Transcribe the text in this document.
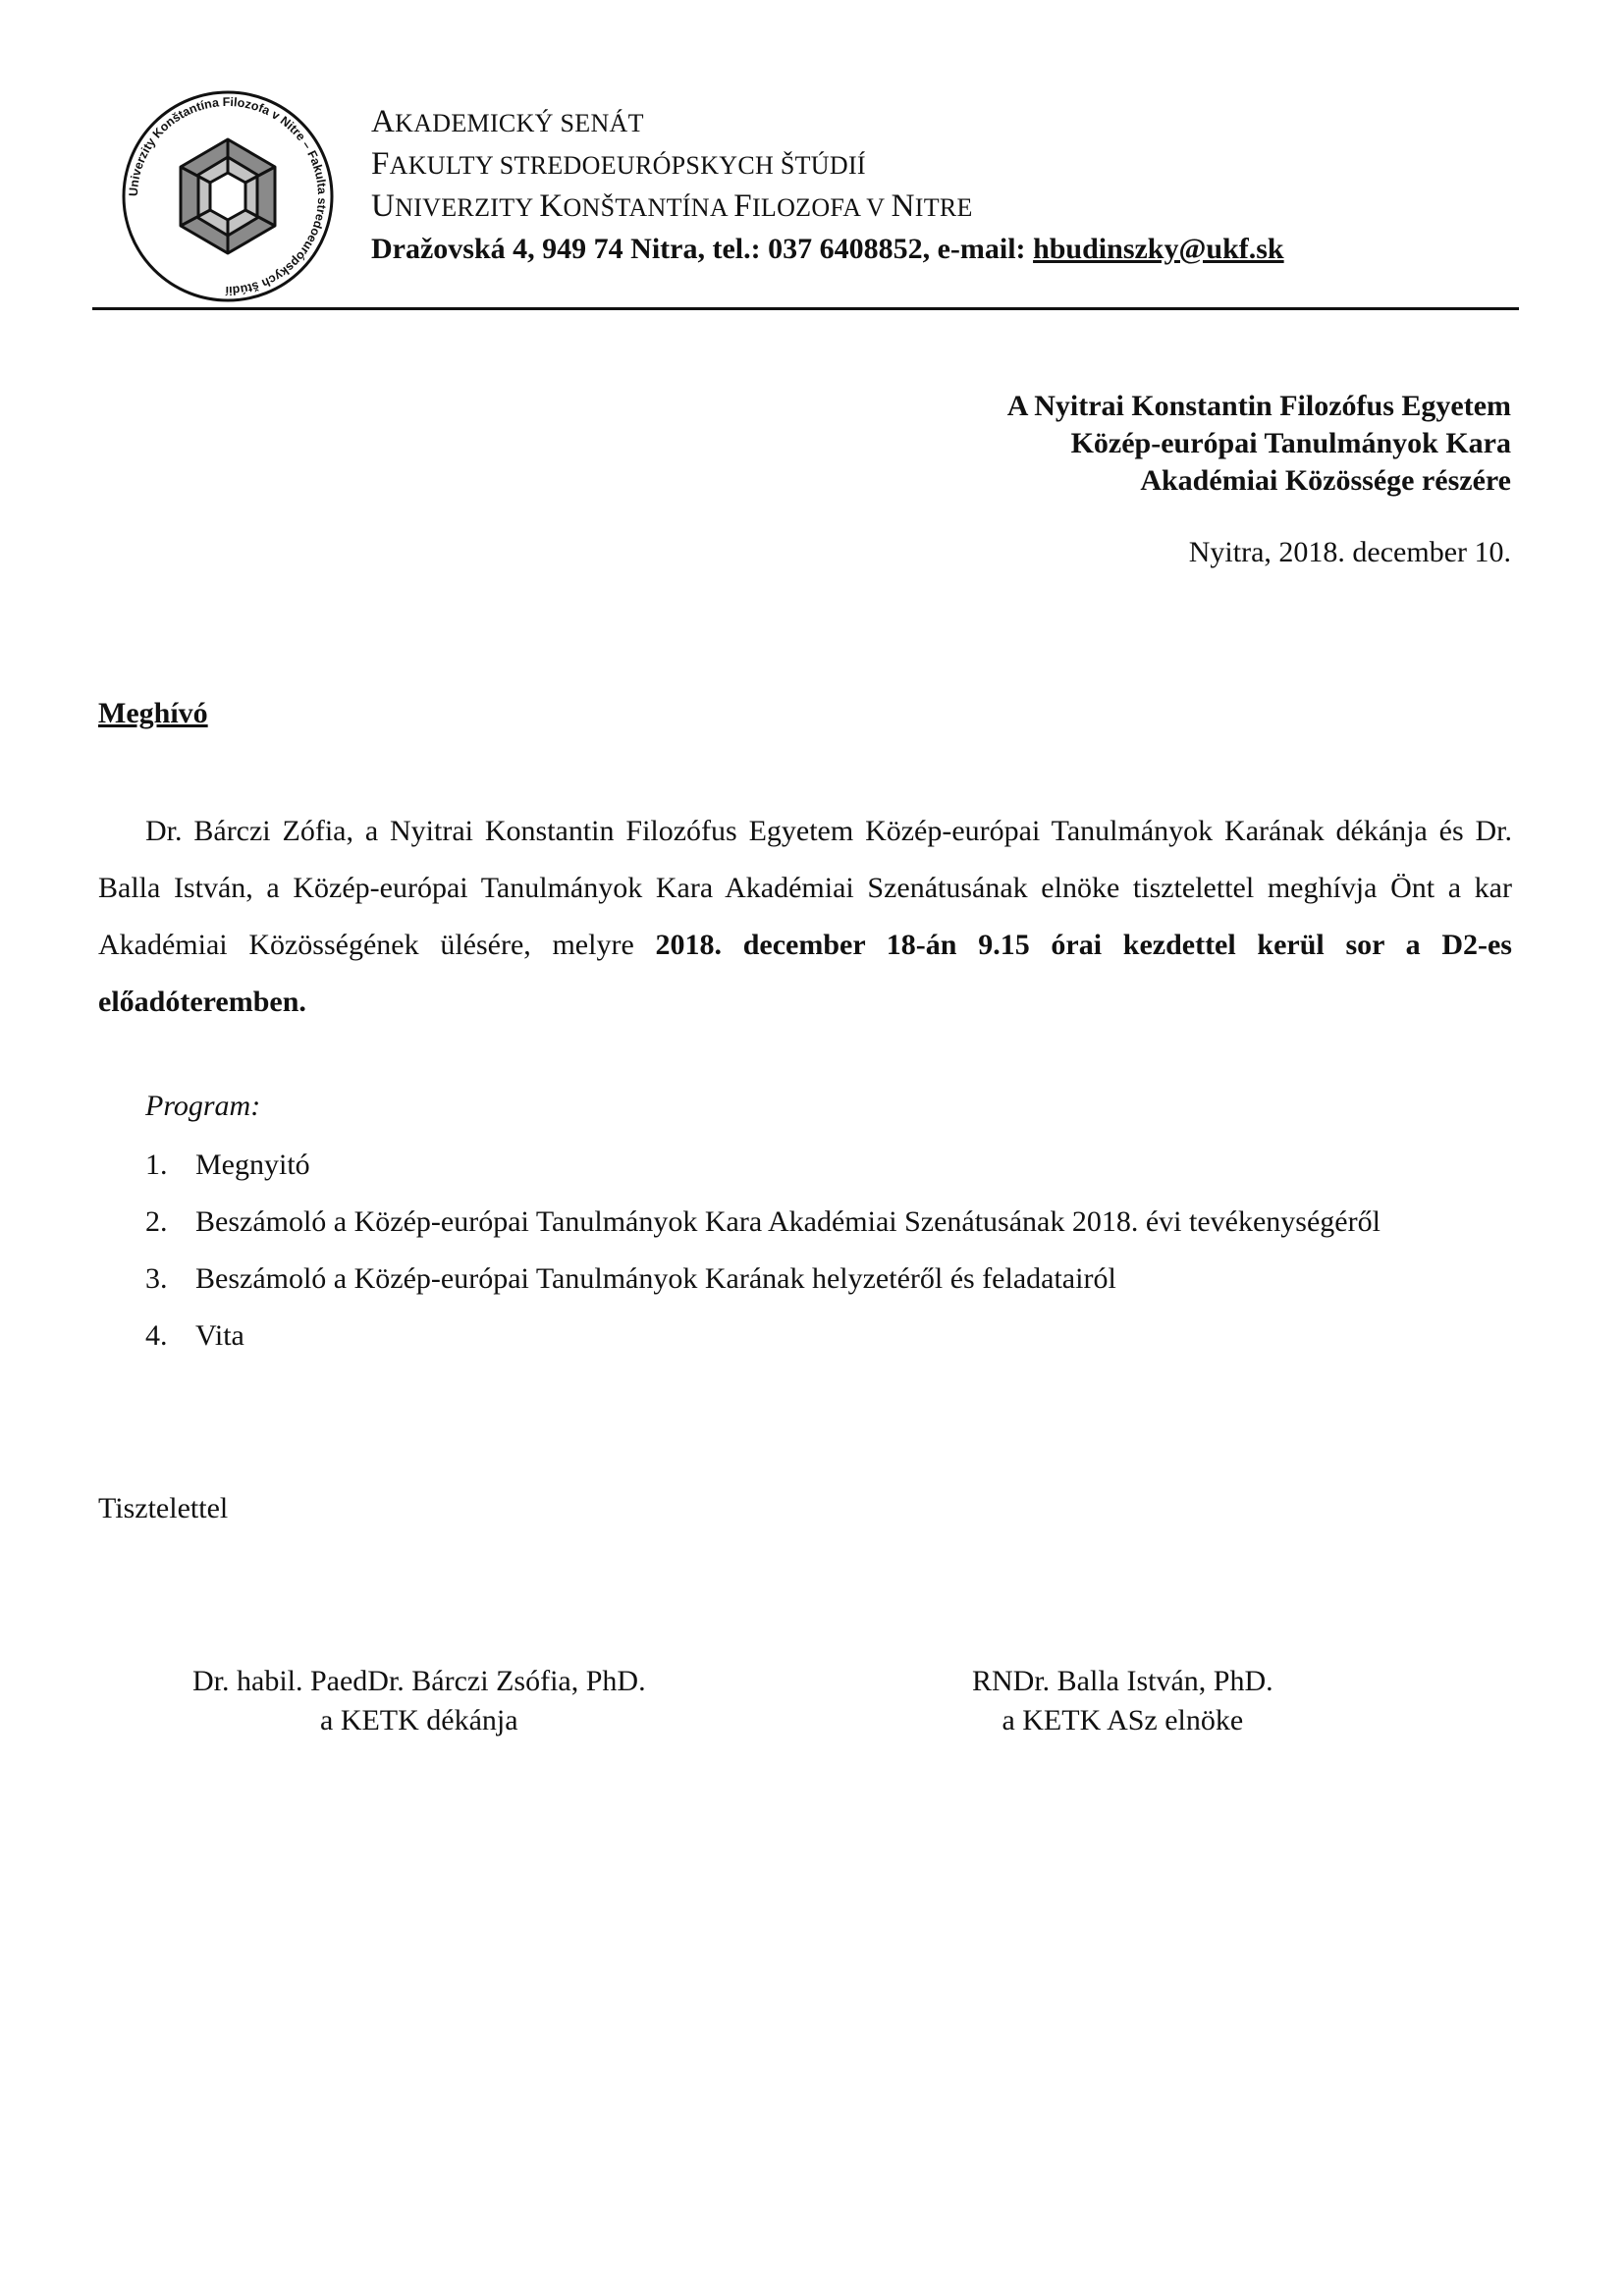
Univerzity Konštantína Filozofa v Nitre – Fakulta stredoeurópskych štúdií
AKADEMICKÝ SENÁT
FAKULTY STREDOEURÓPSKYCH ŠTÚDIÍ
UNIVERZITY KONŠTANTÍNA FILOZOFA V NITRE
Dražovská 4, 949 74 Nitra, tel.: 037 6408852, e-mail: hbudinszky@ukf.sk
A Nyitrai Konstantin Filozófus Egyetem
Közép-európai Tanulmányok Kara
Akadémiai Közössége részére
Nyitra, 2018. december 10.
Meghívó
Dr. Bárczi Zófia, a Nyitrai Konstantin Filozófus Egyetem Közép-európai Tanulmányok Karának dékánja és Dr. Balla István, a Közép-európai Tanulmányok Kara Akadémiai Szenátusának elnöke tisztelettel meghívja Önt a kar Akadémiai Közösségének ülésére, melyre 2018. december 18-án 9.15 órai kezdettel kerül sor a D2-es előadóteremben.
Program:
1. Megnyitó
2. Beszámoló a Közép-európai Tanulmányok Kara Akadémiai Szenátusának 2018. évi tevékenységéről
3. Beszámoló a Közép-európai Tanulmányok Karának helyzetéről és feladatairól
4. Vita
Tisztelettel
Dr. habil. PaedDr. Bárczi Zsófia, PhD.
a KETK dékánja
RNDr. Balla István, PhD.
a KETK ASz elnöke
